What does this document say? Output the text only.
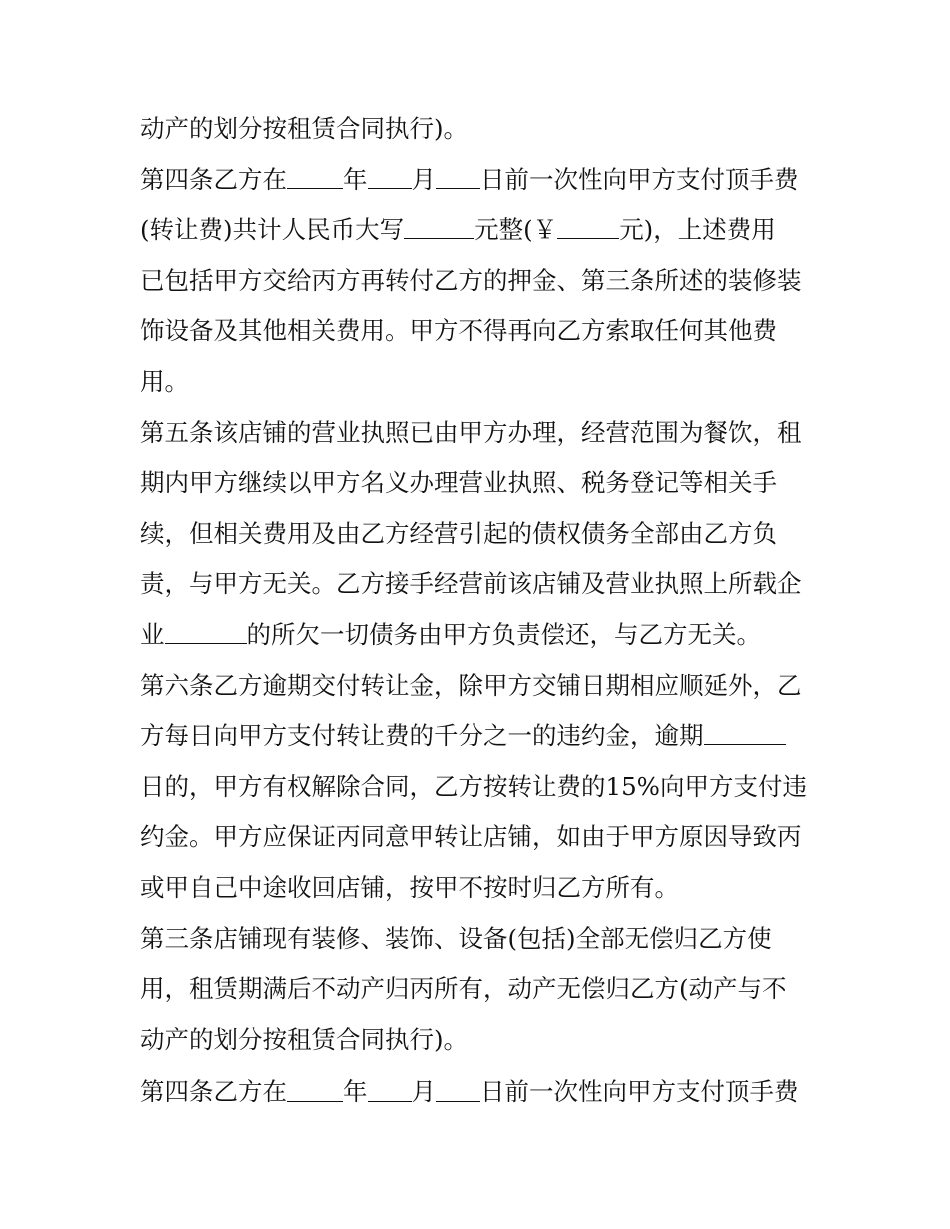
动产的划分按租赁合同执行)。
第四条乙方在 年 月 日前一次性向甲方支付顶手费
(转让费)共计人民币大写	元整(￥	元)，上述费用
已包括甲方交给丙方再转付乙方的押金、第三条所述的装修装
饰设备及其他相关费用。甲方不得再向乙方索取任何其他费
用。
第五条该店铺的营业执照已由甲方办理，经营范围为餐饮，租
期内甲方继续以甲方名义办理营业执照、税务登记等相关手
续，但相关费用及由乙方经营引起的债权债务全部由乙方负
责，与甲方无关。乙方接手经营前该店铺及营业执照上所载企
业	的所欠一切债务由甲方负责偿还，与乙方无关。
第六条乙方逾期交付转让金，除甲方交铺日期相应顺延外，乙
方每日向甲方支付转让费的千分之一的违约金，逾期
日的，甲方有权解除合同，乙方按转让费的15%向甲方支付违
约金。甲方应保证丙同意甲转让店铺，如由于甲方原因导致丙
或甲自己中途收回店铺，按甲不按时归乙方所有。
第三条店铺现有装修、装饰、设备(包括)全部无偿归乙方使
用，租赁期满后不动产归丙所有，动产无偿归乙方(动产与不
动产的划分按租赁合同执行)。
第四条乙方在 年 月 日前一次性向甲方支付顶手费
